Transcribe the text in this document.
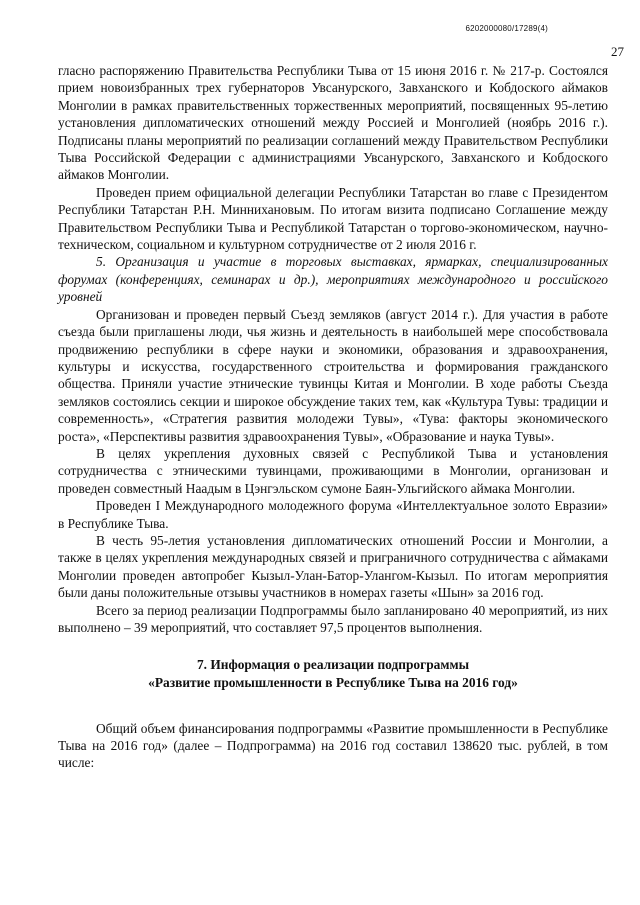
6202000080/17289(4)
27

гласно распоряжению Правительства Республики Тыва от 15 июня 2016 г. № 217-р. Состоялся прием новоизбранных трех губернаторов Увсанурского, Завханского и Кобдоского аймаков Монголии в рамках правительственных торжественных мероприятий, посвященных 95-летию установления дипломатических отношений между Россией и Монголией (ноябрь 2016 г.). Подписаны планы мероприятий по реализации соглашений между Правительством Республики Тыва Российской Федерации с администрациями Увсанурского, Завханского и Кобдоского аймаков Монголии.

Проведен прием официальной делегации Республики Татарстан во главе с Президентом Республики Татарстан Р.Н. Миннихановым. По итогам визита подписано Соглашение между Правительством Республики Тыва и Республикой Татарстан о торгово-экономическом, научно-техническом, социальном и культурном сотрудничестве от 2 июля 2016 г.

5. Организация и участие в торговых выставках, ярмарках, специализированных форумах (конференциях, семинарах и др.), мероприятиях международного и российского уровней

Организован и проведен первый Съезд земляков (август 2014 г.). Для участия в работе съезда были приглашены люди, чья жизнь и деятельность в наибольшей мере способствовала продвижению республики в сфере науки и экономики, образования и здравоохранения, культуры и искусства, государственного строительства и формирования гражданского общества. Приняли участие этнические тувинцы Китая и Монголии. В ходе работы Съезда земляков состоялись секции и широкое обсуждение таких тем, как «Культура Тувы: традиции и современность», «Стратегия развития молодежи Тувы», «Тува: факторы экономического роста», «Перспективы развития здравоохранения Тувы», «Образование и наука Тувы».

В целях укрепления духовных связей с Республикой Тыва и установления сотрудничества с этническими тувинцами, проживающими в Монголии, организован и проведен совместный Наадым в Цэнгэльском сумоне Баян-Ульгийского аймака Монголии.

Проведен I Международного молодежного форума «Интеллектуальное золото Евразии» в Республике Тыва.

В честь 95-летия установления дипломатических отношений России и Монголии, а также в целях укрепления международных связей и приграничного сотрудничества с аймаками Монголии проведен автопробег Кызыл-Улан-Батор-Улангом-Кызыл. По итогам мероприятия были даны положительные отзывы участников в номерах газеты «Шын» за 2016 год.

Всего за период реализации Подпрограммы было запланировано 40 мероприятий, из них выполнено – 39 мероприятий, что составляет 97,5 процентов выполнения.

7. Информация о реализации подпрограммы
«Развитие промышленности в Республике Тыва на 2016 год»

Общий объем финансирования подпрограммы «Развитие промышленности в Республике Тыва на 2016 год» (далее – Подпрограмма) на 2016 год составил 138620 тыс. рублей, в том числе:
